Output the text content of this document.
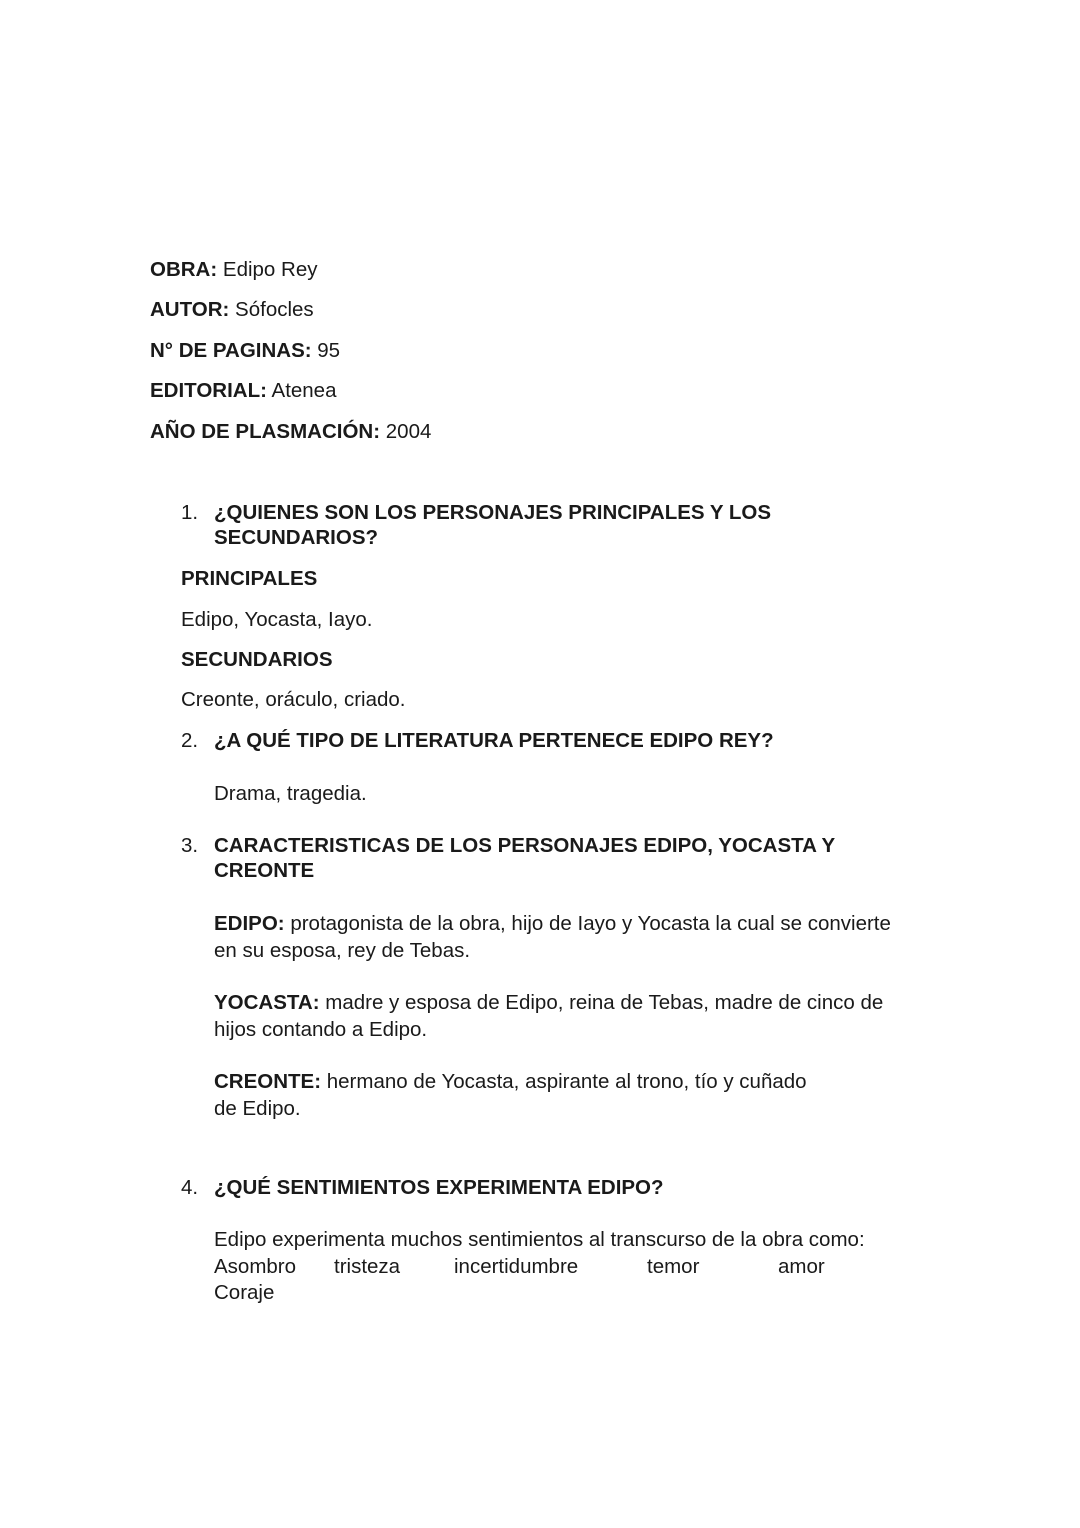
OBRA: Edipo Rey
AUTOR: Sófocles
N° DE PAGINAS: 95
EDITORIAL: Atenea
AÑO DE PLASMACIÓN: 2004
1. ¿QUIENES SON LOS PERSONAJES PRINCIPALES Y LOS
SECUNDARIOS?
PRINCIPALES
Edipo, Yocasta, Iayo.
SECUNDARIOS
Creonte, oráculo, criado.
2. ¿A QUÉ TIPO DE LITERATURA PERTENECE EDIPO REY?
Drama, tragedia.
3. CARACTERISTICAS DE LOS PERSONAJES EDIPO, YOCASTA Y
CREONTE
EDIPO: protagonista de la obra, hijo de Iayo y Yocasta la cual se convierte
en su esposa, rey de Tebas.
YOCASTA: madre y esposa de Edipo, reina de Tebas, madre de cinco de
hijos contando a Edipo.
CREONTE: hermano de Yocasta, aspirante al trono, tío y cuñado
de Edipo.
4. ¿QUÉ SENTIMIENTOS EXPERIMENTA EDIPO?
Edipo experimenta muchos sentimientos al transcurso de la obra como:
Asombro tristeza	incertidumbre	temor	amor
Coraje
